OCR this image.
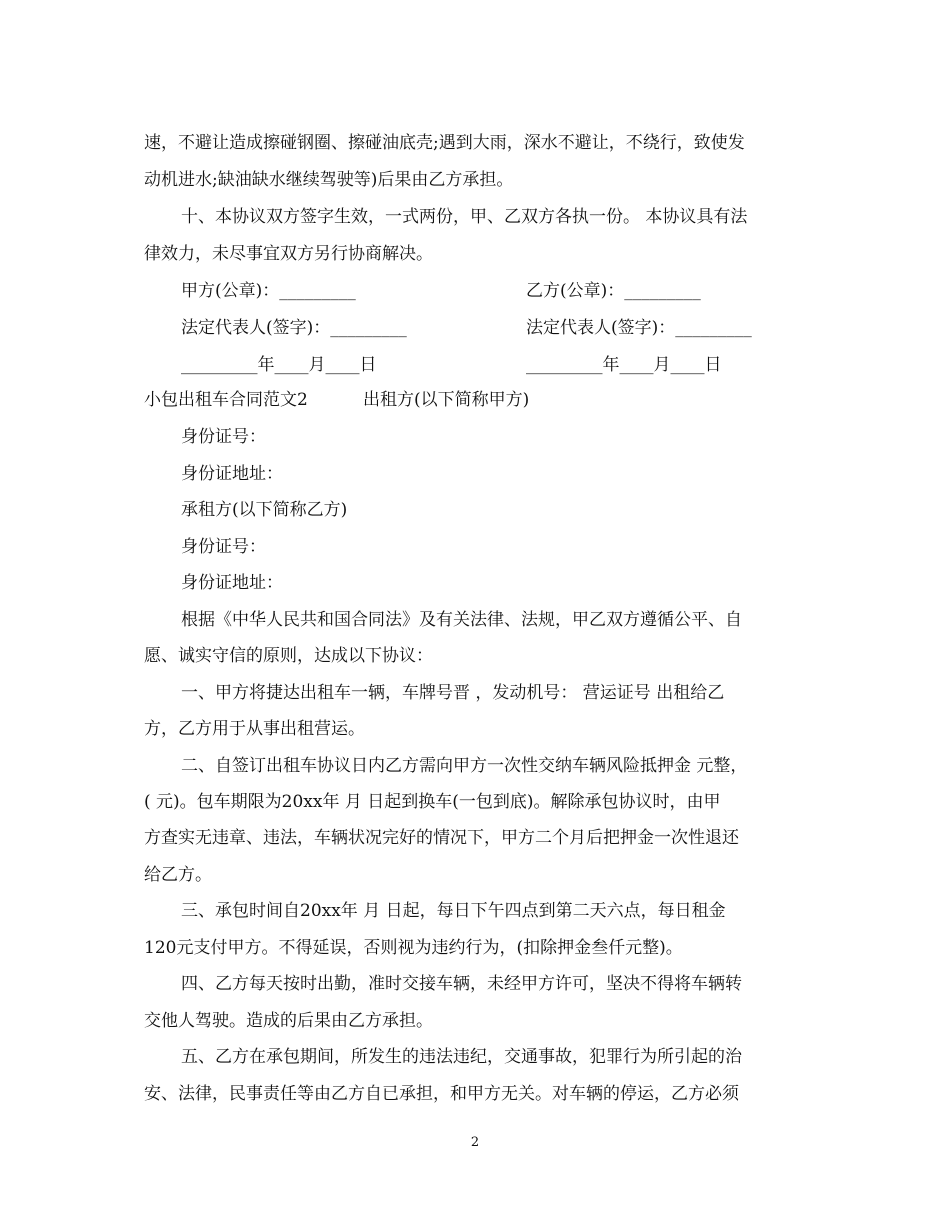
速，不避让造成擦碰钢圈、擦碰油底壳;遇到大雨，深水不避让，不绕行，致使发

动机进水;缺油缺水继续驾驶等)后果由乙方承担。

十、本协议双方签字生效，一式两份，甲、乙双方各执一份。 本协议具有法

律效力，未尽事宜双方另行协商解决。

甲方(公章)：_________	乙方(公章)：_________

法定代表人(签字)：_________	法定代表人(签字)：_________

_________年____月____日	_________年____月____日

小包出租车合同范文2	出租方(以下简称甲方)

身份证号：

身份证地址：

承租方(以下简称乙方)

身份证号：

身份证地址：

根据《中华人民共和国合同法》及有关法律、法规，甲乙双方遵循公平、自

愿、诚实守信的原则，达成以下协议：

一、甲方将捷达出租车一辆，车牌号晋 ，发动机号： 营运证号 出租给乙

方，乙方用于从事出租营运。

二、自签订出租车协议日内乙方需向甲方一次性交纳车辆风险抵押金 元整，

( 元)。包车期限为20xx年 月 日起到换车(一包到底)。解除承包协议时，由甲

方查实无违章、违法，车辆状况完好的情况下，甲方二个月后把押金一次性退还

给乙方。

三、承包时间自20xx年 月 日起，每日下午四点到第二天六点，每日租金

120元支付甲方。不得延误，否则视为违约行为，(扣除押金叁仟元整)。

四、乙方每天按时出勤，准时交接车辆，未经甲方许可，坚决不得将车辆转

交他人驾驶。造成的后果由乙方承担。

五、乙方在承包期间，所发生的违法违纪，交通事故，犯罪行为所引起的治

安、法律，民事责任等由乙方自已承担，和甲方无关。对车辆的停运，乙方必须

2
